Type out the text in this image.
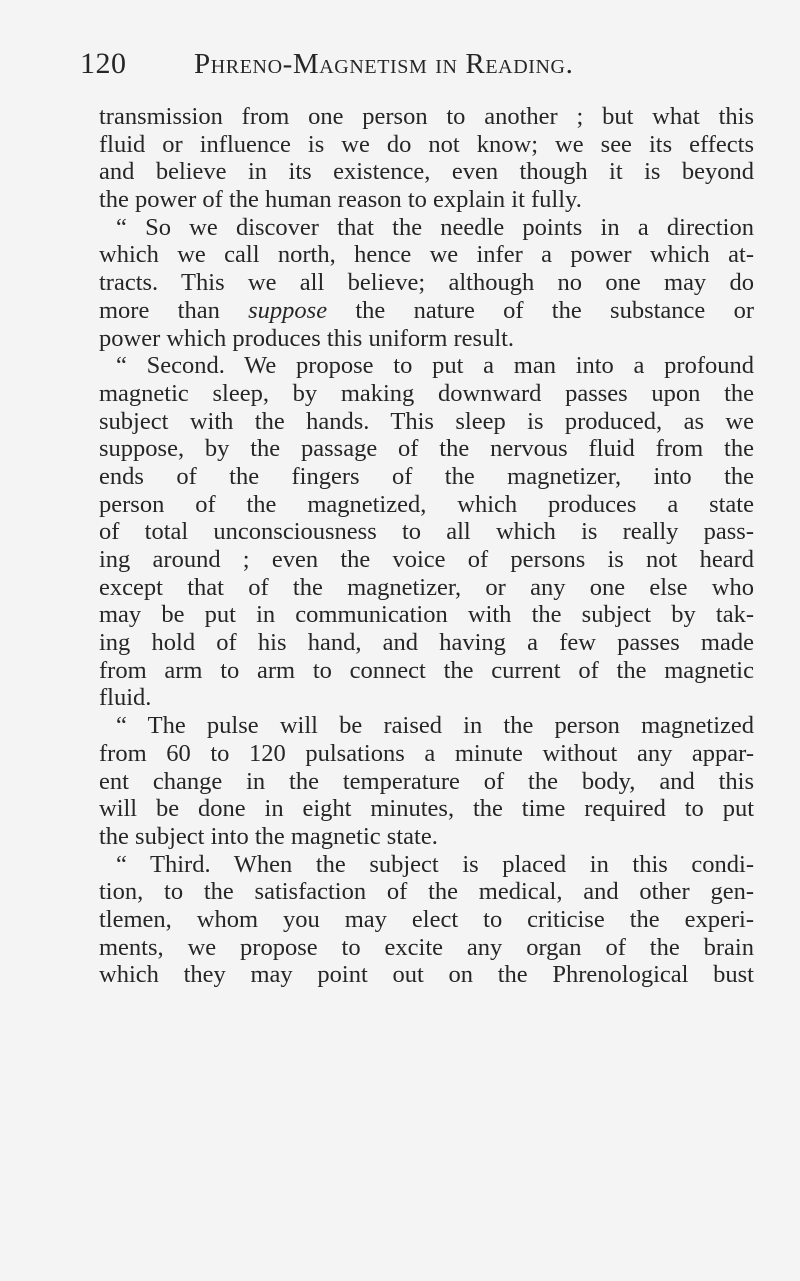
120 Phreno-Magnetism in Reading.
transmission from one person to another ; but what this
fluid or influence is we do not know; we see its effects
and believe in its existence, even though it is beyond
the power of the human reason to explain it fully.
“ So we discover that the needle points in a direction
which we call north, hence we infer a power which at-
tracts. This we all believe; although no one may do
more than suppose the nature of the substance or
power which produces this uniform result.
“ Second. We propose to put a man into a profound
magnetic sleep, by making downward passes upon the
subject with the hands. This sleep is produced, as we
suppose, by the passage of the nervous fluid from the
ends of the fingers of the magnetizer, into the
person of the magnetized, which produces a state
of total unconsciousness to all which is really pass-
ing around ; even the voice of persons is not heard
except that of the magnetizer, or any one else who
may be put in communication with the subject by tak-
ing hold of his hand, and having a few passes made
from arm to arm to connect the current of the magnetic
fluid.
“ The pulse will be raised in the person magnetized
from 60 to 120 pulsations a minute without any appar-
ent change in the temperature of the body, and this
will be done in eight minutes, the time required to put
the subject into the magnetic state.
“ Third. When the subject is placed in this condi-
tion, to the satisfaction of the medical, and other gen-
tlemen, whom you may elect to criticise the experi-
ments, we propose to excite any organ of the brain
which they may point out on the Phrenological bust
